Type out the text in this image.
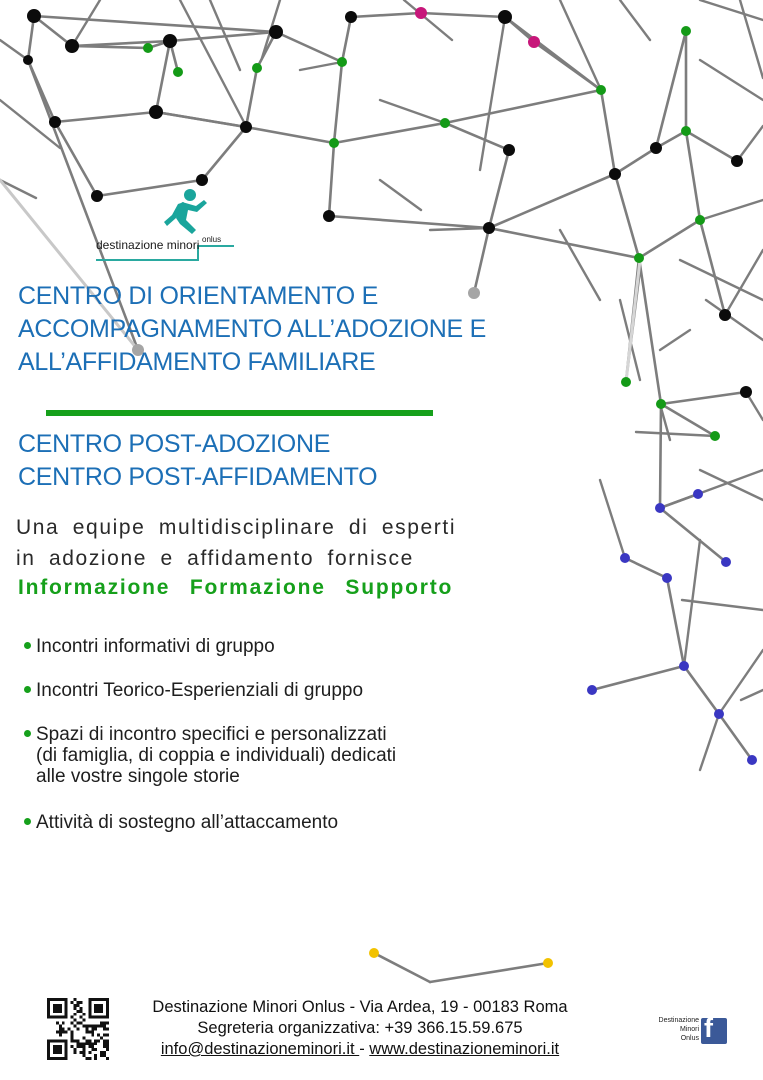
destinazione minori onlus
CENTRO DI ORIENTAMENTO E
ACCOMPAGNAMENTO ALL’ADOZIONE E
ALL’AFFIDAMENTO FAMILIARE
CENTRO POST-ADOZIONE
CENTRO POST-AFFIDAMENTO
Una equipe multidisciplinare di esperti
in adozione e affidamento fornisce
Informazione Formazione Supporto
Incontri informativi di gruppo
Incontri Teorico-Esperienziali di gruppo
Spazi di incontro specifici e personalizzati
(di famiglia, di coppia e individuali) dedicati
alle vostre singole storie
Attività di sostegno all’attaccamento
Destinazione Minori Onlus - Via Ardea, 19 - 00183 Roma
Segreteria organizzativa: +39 366.15.59.675
info@destinazioneminori.it - www.destinazioneminori.it
Destinazione
Minori
Onlus f
